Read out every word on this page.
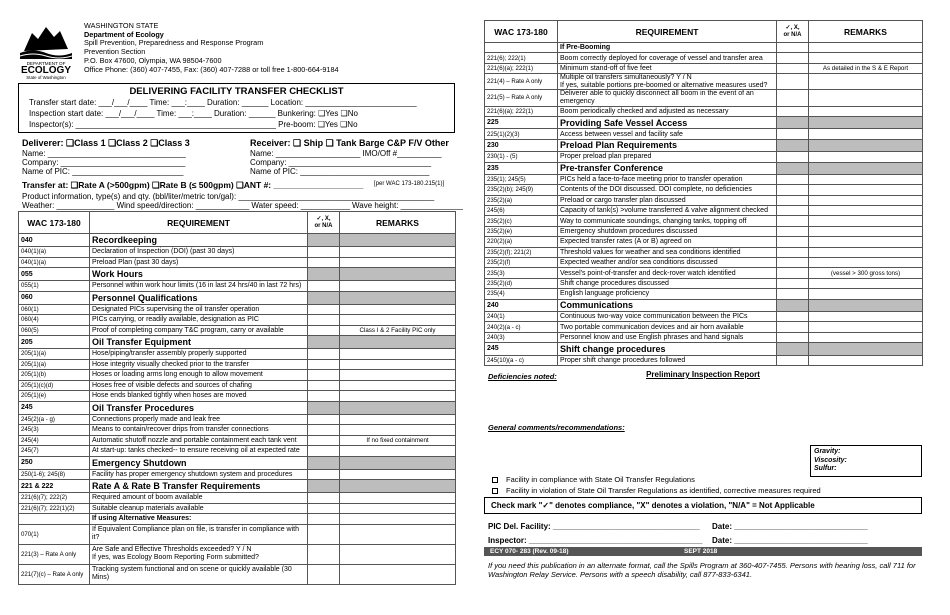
DEPARTMENT OF
ECOLOGY
State of Washington
WASHINGTON STATE
Department of Ecology
Spill Prevention, Preparedness and Response Program
Prevention Section
P.O. Box 47600, Olympia, WA 98504-7600
Office Phone: (360) 407-7455, Fax: (360) 407-7288 or toll free 1-800-664-9184
DELIVERING FACILITY TRANSFER CHECKLIST
Transfer start date: ___/___/____ Time: ___:____ Duration: ______ Location: _________________________
Inspection start date: ___/___/____ Time: ___:____ Duration: ______ Bunkering: ❑Yes ❑No
Inspector(s): _____________________________________________ Pre-boom: ❑Yes ❑No
Deliverer: ❑Class 1 ❑Class 2 ❑Class 3	Receiver: ❑ Ship ❑ Tank Barge C&P F/V Other
Name: _______________________________	Name: ___________________ IMO/Off #__________
Company: ____________________________	Company: ________________________________
Name of PIC: _________________________	Name of PIC: _____________________________
Transfer at: ❑Rate A (>500gpm) ❑Rate B (≤ 500gpm) ❑ANT #: ___________________ [per WAC 173-180.215(1)]
Product information, type(s) and qty. (bbl/liter/metric ton/gal): ____________________________________________
Weather: _____________ Wind speed/direction: ____________ Water speed: ___________ Wave height: ______________
WAC 173-180	REQUIREMENT	✓, X,
or N/A	REMARKS
040	Recordkeeping		
040(1)(a)	Declaration of Inspection (DOI) (past 30 days)		
040(1)(a)	Preload Plan (past 30 days)		
055	Work Hours		
055(1)	Personnel within work hour limits (16 in last 24 hrs/40 in last 72 hrs)		
060	Personnel Qualifications		
060(1)	Designated PICs supervising the oil transfer operation		
060(4)	PICs carrying, or readily available, designation as PIC		
060(5)	Proof of completing company T&C program, carry or available		Class I & 2 Facility PIC only
205	Oil Transfer Equipment		
205(1)(a)	Hose/piping/transfer assembly properly supported		
205(1)(a)	Hose integrity visually checked prior to the transfer		
205(1)(b)	Hoses or loading arms long enough to allow movement		
205(1)(c)(d)	Hoses free of visible defects and sources of chafing		
205(1)(e)	Hose ends blanked tightly when hoses are moved		
245	Oil Transfer Procedures		
245(2)(a - g)	Connections properly made and leak free		
245(3)	Means to contain/recover drips from transfer connections		
245(4)	Automatic shutoff nozzle and portable containment each tank vent		If no fixed containment
245(7)	At start-up: tanks checked-- to ensure receiving oil at expected rate		
250	Emergency Shutdown		
250(1-6); 245(8)	Facility has proper emergency shutdown system and procedures		
221 & 222	Rate A & Rate B Transfer Requirements		
221(6)(7); 222(2)	Required amount of boom available		
221(6)(7); 222(1)(2)	Suitable cleanup materials available		
	If using Alternative Measures:		
070(1)	If Equivalent Compliance plan on file, is transfer in compliance with it?		
221(3) – Rate A only	Are Safe and Effective Thresholds exceeded? Y / N
If yes, was Ecology Boom Reporting Form submitted?		
221(7)(c) – Rate A only	Tracking system functional and on scene or quickly available (30 Mins)		
WAC 173-180	REQUIREMENT	✓, X,
or N/A	REMARKS
	If Pre-Booming		
221(6); 222(1)	Boom correctly deployed for coverage of vessel and transfer area		
221(6)(a); 222(1)	Minimum stand-off of five feet		As detailed in the S & E Report
221(4) – Rate A only	Multiple oil transfers simultaneously? Y / N
If yes, suitable portions pre-boomed or alternative measures used?		
221(5) – Rate A only	Deliverer able to quickly disconnect all boom in the event of an emergency		
221(6)(a); 222(1)	Boom periodically checked and adjusted as necessary		
225	Providing Safe Vessel Access		
225(1)(2)(3)	Access between vessel and facility safe		
230	Preload Plan Requirements		
230(1) - (5)	Proper preload plan prepared		
235	Pre-transfer Conference		
235(1); 245(5)	PICs held a face-to-face meeting prior to transfer operation		
235(2)(b); 245(9)	Contents of the DOI discussed. DOI complete, no deficiencies		
235(2)(a)	Preload or cargo transfer plan discussed		
245(6)	Capacity of tank(s) >volume transferred & valve alignment checked		
235(2)(c)	Way to communicate soundings, changing tanks, topping off		
235(2)(e)	Emergency shutdown procedures discussed		
220(2)(a)	Expected transfer rates (A or B) agreed on		
235(2)(f); 221(2)	Threshold values for weather and sea conditions identified		
235(2)(f)	Expected weather and/or sea conditions discussed		
235(3)	Vessel's point-of-transfer and deck-rover watch identified		(vessel > 300 gross tons)
235(2)(d)	Shift change procedures discussed		
235(4)	English language proficiency		
240	Communications		
240(1)	Continuous two-way voice communication between the PICs		
240(2)(a - c)	Two portable communication devices and air horn available		
240(3)	Personnel know and use English phrases and hand signals		
245	Shift change procedures		
245(10)(a - c)	Proper shift change procedures followed		
Preliminary Inspection Report
Deficiencies noted:
General comments/recommendations:
Gravity:
Viscosity:
Sulfur:
Facility in compliance with State Oil Transfer Regulations
Facility in violation of State Oil Transfer Regulations as identified, corrective measures required
Check mark "✓" denotes compliance, "X" denotes a violation, "N/A" = Not Applicable
PIC Del. Facility: _________________________________ Date: ______________________________
Inspector: _______________________________________ Date: ______________________________
ECY 070- 283 (Rev. 09-18)	SEPT 2018
If you need this publication in an alternate format, call the Spills Program at 360-407-7455. Persons with hearing loss, call 711 for Washington Relay Service. Persons with a speech disability, call 877-833-6341.
